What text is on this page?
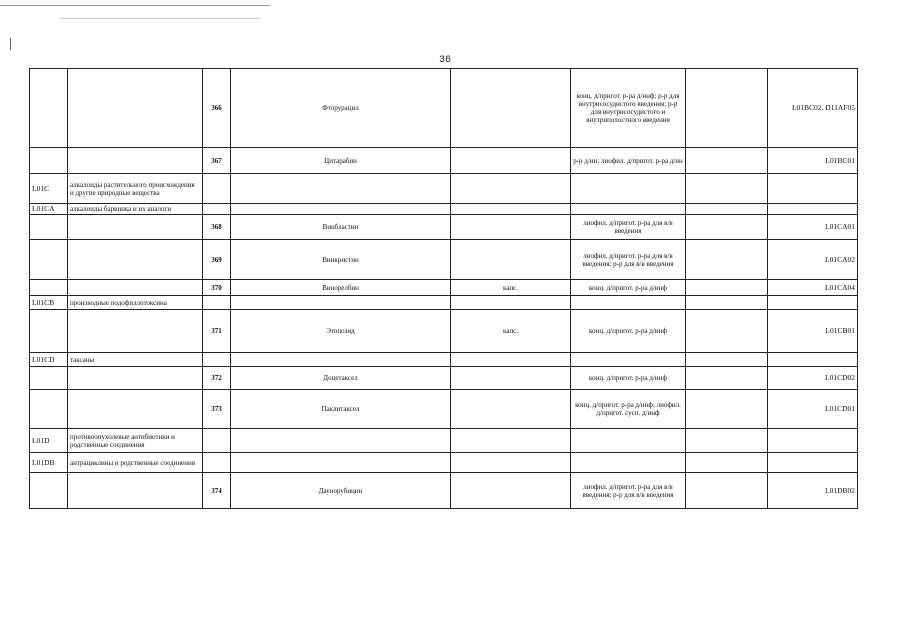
36
		366	Фторурацил		конц. д/пригот. р-ра д/инф; р-р для внутрисосудистого введения; р-р для внутрисосудистого и внутриполостного введения		L01BC02, D11AF05
		367	Цитарабин		р-р д/ин; лиофил. д/пригот. р-ра д/ин		L01BC01
L01C	алкалоиды растительного происхождения и другие природные вещества						
L01CA	алкалоиды барвинка и их аналоги						
		368	Винбластин		лиофил. д/пригот. р-ра для в/в введения		L01CA01
		369	Винкристин		лиофил. д/пригот. р-ра для в/в введения; р-р для в/в введения		L01CA02
		370	Винорелбин	капс.	конц. д/пригот. р-ра д/инф		L01CA04
L01CB	производные подофиллотоксина						
		371	Этопозид	капс.	конц. д/пригот. р-ра д/инф		L01CB01
L01CD	таксаны						
		372	Доцетаксел		конц. д/пригот. р-ра д/инф		L01CD02
		373	Паклитаксел		конц. д/пригот. р-ра д/инф; лиофил. д/пригот. сусп. д/инф		L01CD01
L01D	противоопухолевые антибиотики и родственные соединения						
L01DB	антрациклины и родственные соединения						
		374	Даунорубицин		лиофил. д/пригот. р-ра для в/в введения; р-р для в/в введения		L01DB02
